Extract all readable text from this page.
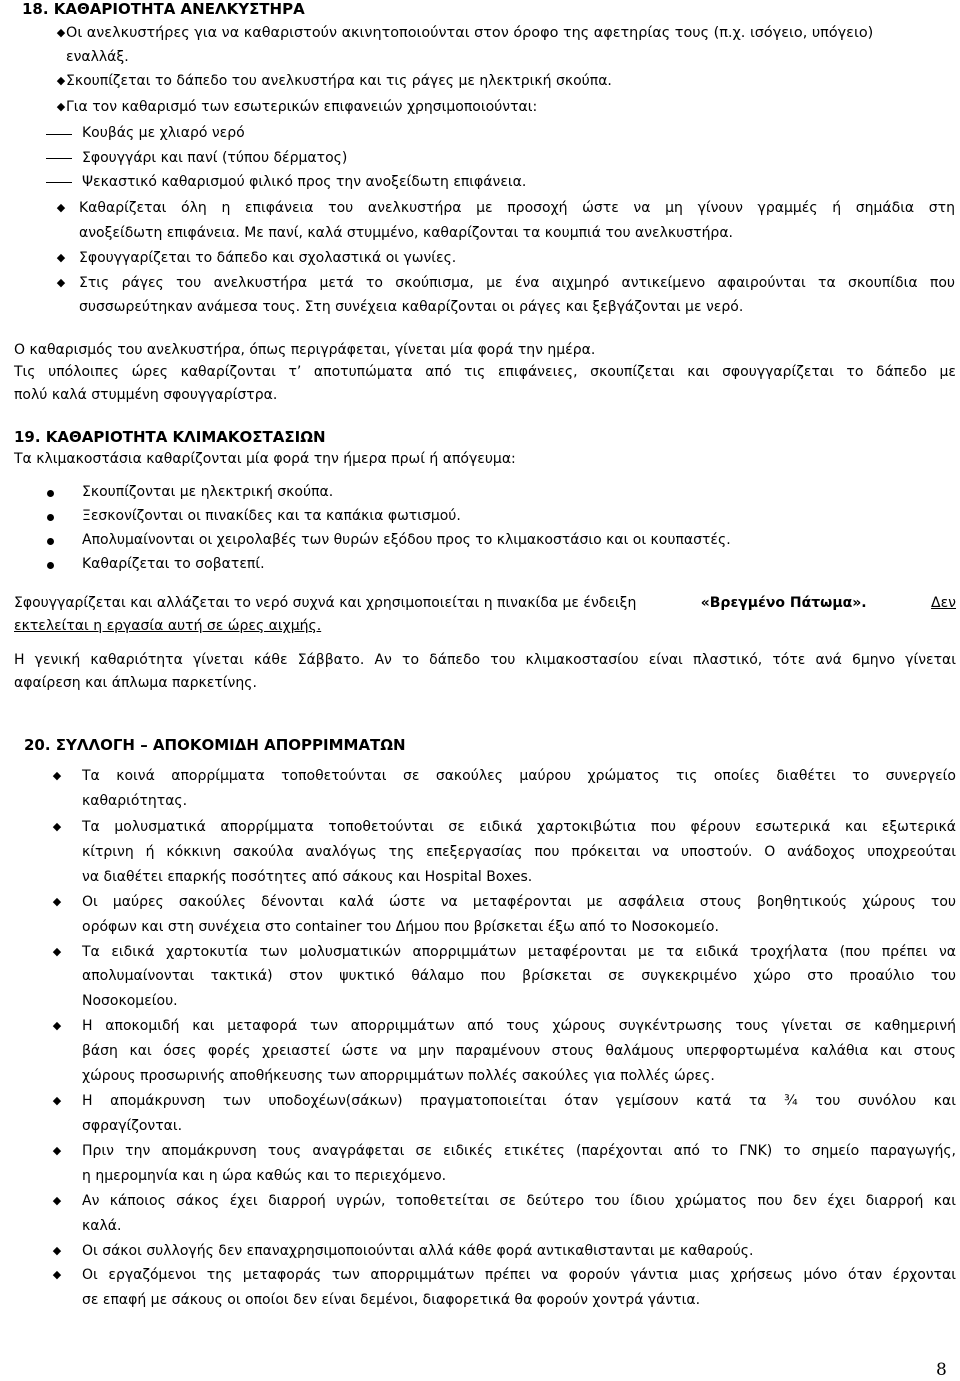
18. ΚΑΘΑΡΙΟΤΗΤΑ ΑΝΕΛΚΥΣΤΗΡΑ
◆ Οι ανελκυστήρες για να καθαριστούν ακινητοποιούνται στον όροφο της αφετηρίας τους (π.χ. ισόγειο, υπόγειο)
εναλλάξ.
◆ Σκουπίζεται το δάπεδο του ανελκυστήρα και τις ράγες με ηλεκτρική σκούπα.
◆ Για τον καθαρισμό των εσωτερικών επιφανειών χρησιμοποιούνται:
Κουβάς με χλιαρό νερό
Σφουγγάρι και πανί (τύπου δέρματος)
Ψεκαστικό καθαρισμού φιλικό προς την ανοξείδωτη επιφάνεια.
◆ Καθαρίζεται όλη η επιφάνεια του ανελκυστήρα με προσοχή ώστε να μη γίνουν γραμμές ή σημάδια στη
ανοξείδωτη επιφάνεια. Με πανί, καλά στυμμένο, καθαρίζονται τα κουμπιά του ανελκυστήρα.
◆ Σφουγγαρίζεται το δάπεδο και σχολαστικά οι γωνίες.
◆ Στις ράγες του ανελκυστήρα μετά το σκούπισμα, με ένα αιχμηρό αντικείμενο αφαιρούνται τα σκουπίδια που
συσσωρεύτηκαν ανάμεσα τους. Στη συνέχεια καθαρίζονται οι ράγες και ξεβγάζονται με νερό.
Ο καθαρισμός του ανελκυστήρα, όπως περιγράφεται, γίνεται μία φορά την ημέρα.
Τις υπόλοιπες ώρες καθαρίζονται τ’ αποτυπώματα από τις επιφάνειες, σκουπίζεται και σφουγγαρίζεται το δάπεδο με
πολύ καλά στυμμένη σφουγγαρίστρα.
19. ΚΑΘΑΡΙΟΤΗΤΑ ΚΛΙΜΑΚΟΣΤΑΣΙΩΝ
Τα κλιμακοστάσια καθαρίζονται μία φορά την ήμερα πρωί ή απόγευμα:
Σκουπίζονται με ηλεκτρική σκούπα.
Ξεσκονίζονται οι πινακίδες και τα καπάκια φωτισμού.
Απολυμαίνονται οι χειρολαβές των θυρών εξόδου προς το κλιμακοστάσιο και οι κουπαστές.
Καθαρίζεται το σοβατεπί.
Σφουγγαρίζεται και αλλάζεται το νερό συχνά και χρησιμοποιείται η πινακίδα με ένδειξη	«Βρεγμένο Πάτωμα».	Δεν
εκτελείται η εργασία αυτή σε ώρες αιχμής.
Η γενική καθαριότητα γίνεται κάθε Σάββατο. Αν το δάπεδο του κλιμακοστασίου είναι πλαστικό, τότε ανά 6μηνο γίνεται
αφαίρεση και άπλωμα παρκετίνης.
20. ΣΥΛΛΟΓΗ – ΑΠΟΚΟΜΙΔΗ ΑΠΟΡΡΙΜΜΑΤΩΝ
◆ Τα κοινά απορρίμματα τοποθετούνται σε σακούλες μαύρου χρώματος τις οποίες διαθέτει το συνεργείο
καθαριότητας.
◆ Τα μολυσματικά απορρίμματα τοποθετούνται σε ειδικά χαρτοκιβώτια που φέρουν εσωτερικά και εξωτερικά
κίτρινη ή κόκκινη σακούλα αναλόγως της επεξεργασίας που πρόκειται να υποστούν. Ο ανάδοχος υποχρεούται
να διαθέτει επαρκής ποσότητες από σάκους και Hospital Boxes.
◆ Οι μαύρες σακούλες δένονται καλά ώστε να μεταφέρονται με ασφάλεια στους βοηθητικούς χώρους του
ορόφων και στη συνέχεια στο container του Δήμου που βρίσκεται έξω από το Νοσοκομείο.
◆ Τα ειδικά χαρτοκυτία των μολυσματικών απορριμμάτων μεταφέρονται με τα ειδικά τροχήλατα (που πρέπει να
απολυμαίνονται τακτικά) στον ψυκτικό θάλαμο που βρίσκεται σε συγκεκριμένο χώρο στο προαύλιο του
Νοσοκομείου.
◆ Η αποκομιδή και μεταφορά των απορριμμάτων από τους χώρους συγκέντρωσης τους γίνεται σε καθημερινή
βάση και όσες φορές χρειαστεί ώστε να μην παραμένουν στους θαλάμους υπερφορτωμένα καλάθια και στους
χώρους προσωρινής αποθήκευσης των απορριμμάτων πολλές σακούλες για πολλές ώρες.
◆ Η απομάκρυνση των υποδοχέων(σάκων) πραγματοποιείται όταν γεμίσουν κατά τα ¾ του συνόλου και
σφραγίζονται.
◆ Πριν την απομάκρυνση τους αναγράφεται σε ειδικές ετικέτες (παρέχονται από το ΓΝΚ) το σημείο παραγωγής,
η ημερομηνία και η ώρα καθώς και το περιεχόμενο.
◆ Αν κάποιος σάκος έχει διαρροή υγρών, τοποθετείται σε δεύτερο του ίδιου χρώματος που δεν έχει διαρροή και
καλά.
◆ Οι σάκοι συλλογής δεν επαναχρησιμοποιούνται αλλά κάθε φορά αντικαθιστανται με καθαρούς.
◆ Οι εργαζόμενοι της μεταφοράς των απορριμμάτων πρέπει να φορούν γάντια μιας χρήσεως μόνο όταν έρχονται
σε επαφή με σάκους οι οποίοι δεν είναι δεμένοι, διαφορετικά θα φορούν χοντρά γάντια.
8
